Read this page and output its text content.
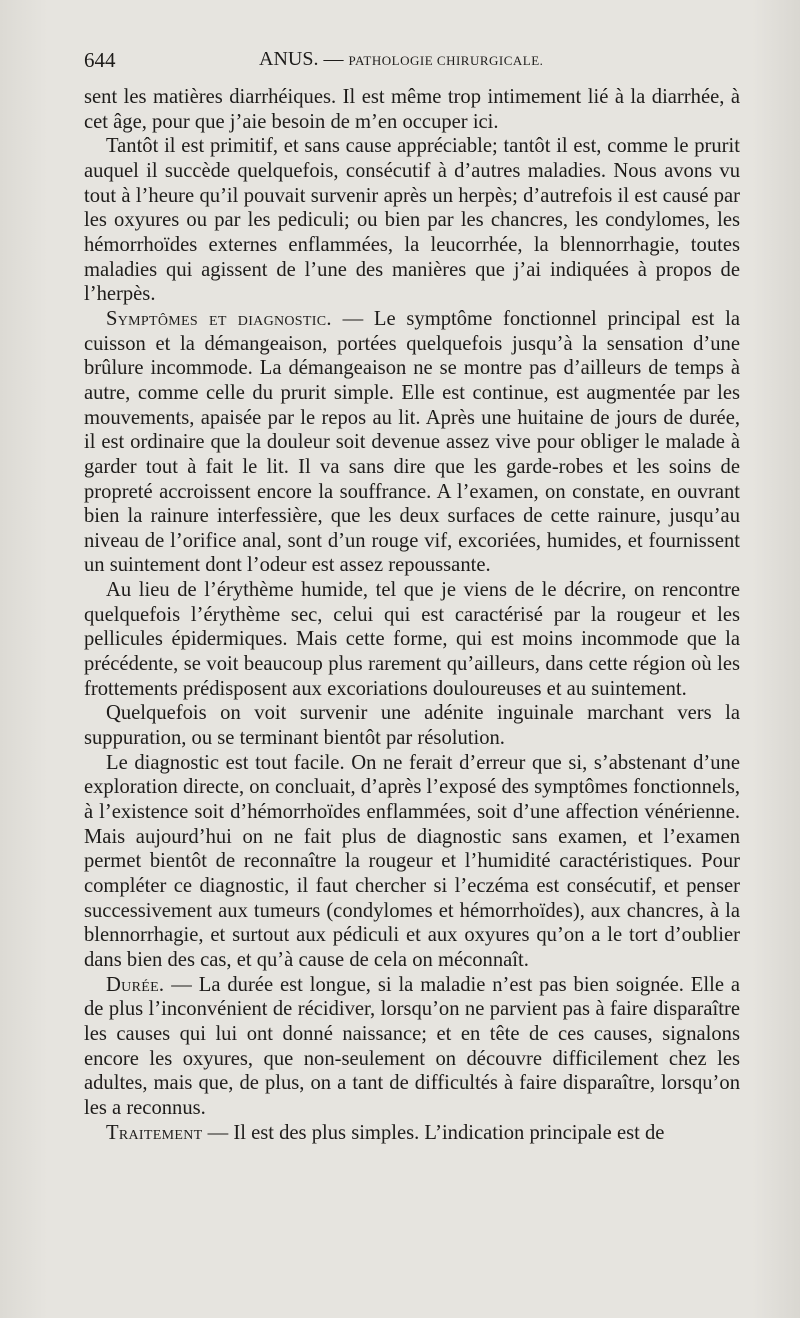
644	ANUS. — PATHOLOGIE CHIRURGICALE.

sent les matières diarrhéiques. Il est même trop intimement lié à la diarrhée, à cet âge, pour que j’aie besoin de m’en occuper ici.

Tantôt il est primitif, et sans cause appréciable; tantôt il est, comme le prurit auquel il succède quelquefois, consécutif à d’autres maladies. Nous avons vu tout à l’heure qu’il pouvait survenir après un herpès; d’autrefois il est causé par les oxyures ou par les pediculi; ou bien par les chancres, les condylomes, les hémorrhoïdes externes enflammées, la leucorrhée, la blennorrhagie, toutes maladies qui agissent de l’une des manières que j’ai indiquées à propos de l’herpès.

Symptômes et diagnostic. — Le symptôme fonctionnel principal est la cuisson et la démangeaison, portées quelquefois jusqu’à la sensation d’une brûlure incommode. La démangeaison ne se montre pas d’ailleurs de temps à autre, comme celle du prurit simple. Elle est continue, est augmentée par les mouvements, apaisée par le repos au lit. Après une huitaine de jours de durée, il est ordinaire que la douleur soit devenue assez vive pour obliger le malade à garder tout à fait le lit. Il va sans dire que les garde-robes et les soins de propreté accroissent encore la souffrance. A l’examen, on constate, en ouvrant bien la rainure interfessière, que les deux surfaces de cette rainure, jusqu’au niveau de l’orifice anal, sont d’un rouge vif, excoriées, humides, et fournissent un suintement dont l’odeur est assez repoussante.

Au lieu de l’érythème humide, tel que je viens de le décrire, on rencontre quelquefois l’érythème sec, celui qui est caractérisé par la rougeur et les pellicules épidermiques. Mais cette forme, qui est moins incommode que la précédente, se voit beaucoup plus rarement qu’ailleurs, dans cette région où les frottements prédisposent aux excoriations douloureuses et au suintement.

Quelquefois on voit survenir une adénite inguinale marchant vers la suppuration, ou se terminant bientôt par résolution.

Le diagnostic est tout facile. On ne ferait d’erreur que si, s’abstenant d’une exploration directe, on concluait, d’après l’exposé des symptômes fonctionnels, à l’existence soit d’hémorrhoïdes enflammées, soit d’une affection vénérienne. Mais aujourd’hui on ne fait plus de diagnostic sans examen, et l’examen permet bientôt de reconnaître la rougeur et l’humidité caractéristiques. Pour compléter ce diagnostic, il faut chercher si l’eczéma est consécutif, et penser successivement aux tumeurs (condylomes et hémorrhoïdes), aux chancres, à la blennorrhagie, et surtout aux pédiculi et aux oxyures qu’on a le tort d’oublier dans bien des cas, et qu’à cause de cela on méconnaît.

Durée. — La durée est longue, si la maladie n’est pas bien soignée. Elle a de plus l’inconvénient de récidiver, lorsqu’on ne parvient pas à faire disparaître les causes qui lui ont donné naissance; et en tête de ces causes, signalons encore les oxyures, que non-seulement on découvre difficilement chez les adultes, mais que, de plus, on a tant de difficultés à faire disparaître, lorsqu’on les a reconnus.

Traitement — Il est des plus simples. L’indication principale est de
